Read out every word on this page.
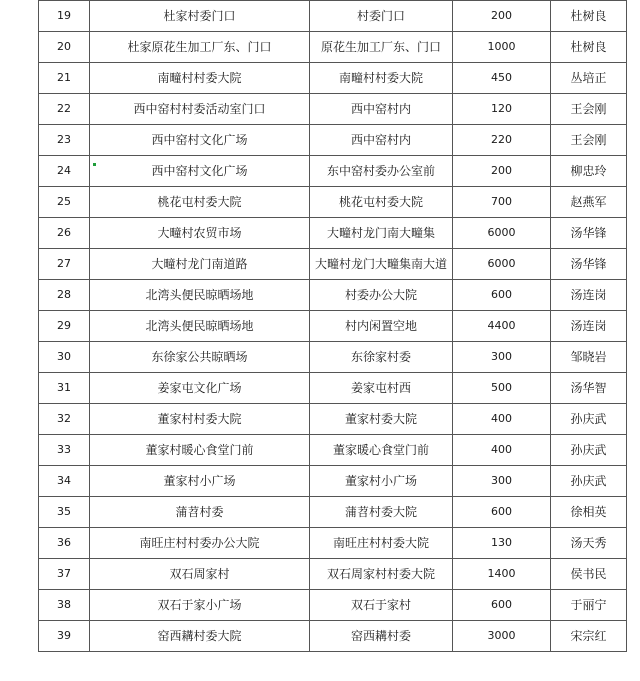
19	杜家村委门口	村委门口	200	杜树良
20	杜家原花生加工厂东、门口	原花生加工厂东、门口	1000	杜树良
21	南疃村村委大院	南疃村村委大院	450	丛培正
22	西中窑村村委活动室门口	西中窑村内	120	王会刚
23	西中窑村文化广场	西中窑村内	220	王会刚
24	西中窑村文化广场	东中窑村委办公室前	200	柳忠玲
25	桃花屯村委大院	桃花屯村委大院	700	赵燕军
26	大疃村农贸市场	大疃村龙门南大疃集	6000	汤华锋
27	大疃村龙门南道路	大疃村龙门大疃集南大道	6000	汤华锋
28	北湾头便民晾晒场地	村委办公大院	600	汤连岗
29	北湾头便民晾晒场地	村内闲置空地	4400	汤连岗
30	东徐家公共晾晒场	东徐家村委	300	邹晓岩
31	姜家屯文化广场	姜家屯村西	500	汤华智
32	董家村村委大院	董家村委大院	400	孙庆武
33	董家村暖心食堂门前	董家暖心食堂门前	400	孙庆武
34	董家村小广场	董家村小广场	300	孙庆武
35	蒲苕村委	蒲苕村委大院	600	徐相英
36	南旺庄村村委办公大院	南旺庄村村委大院	130	汤天秀
37	双石周家村	双石周家村村委大院	1400	侯书民
38	双石于家小广场	双石于家村	600	于丽宁
39	窑西耩村委大院	窑西耩村委	3000	宋宗红
